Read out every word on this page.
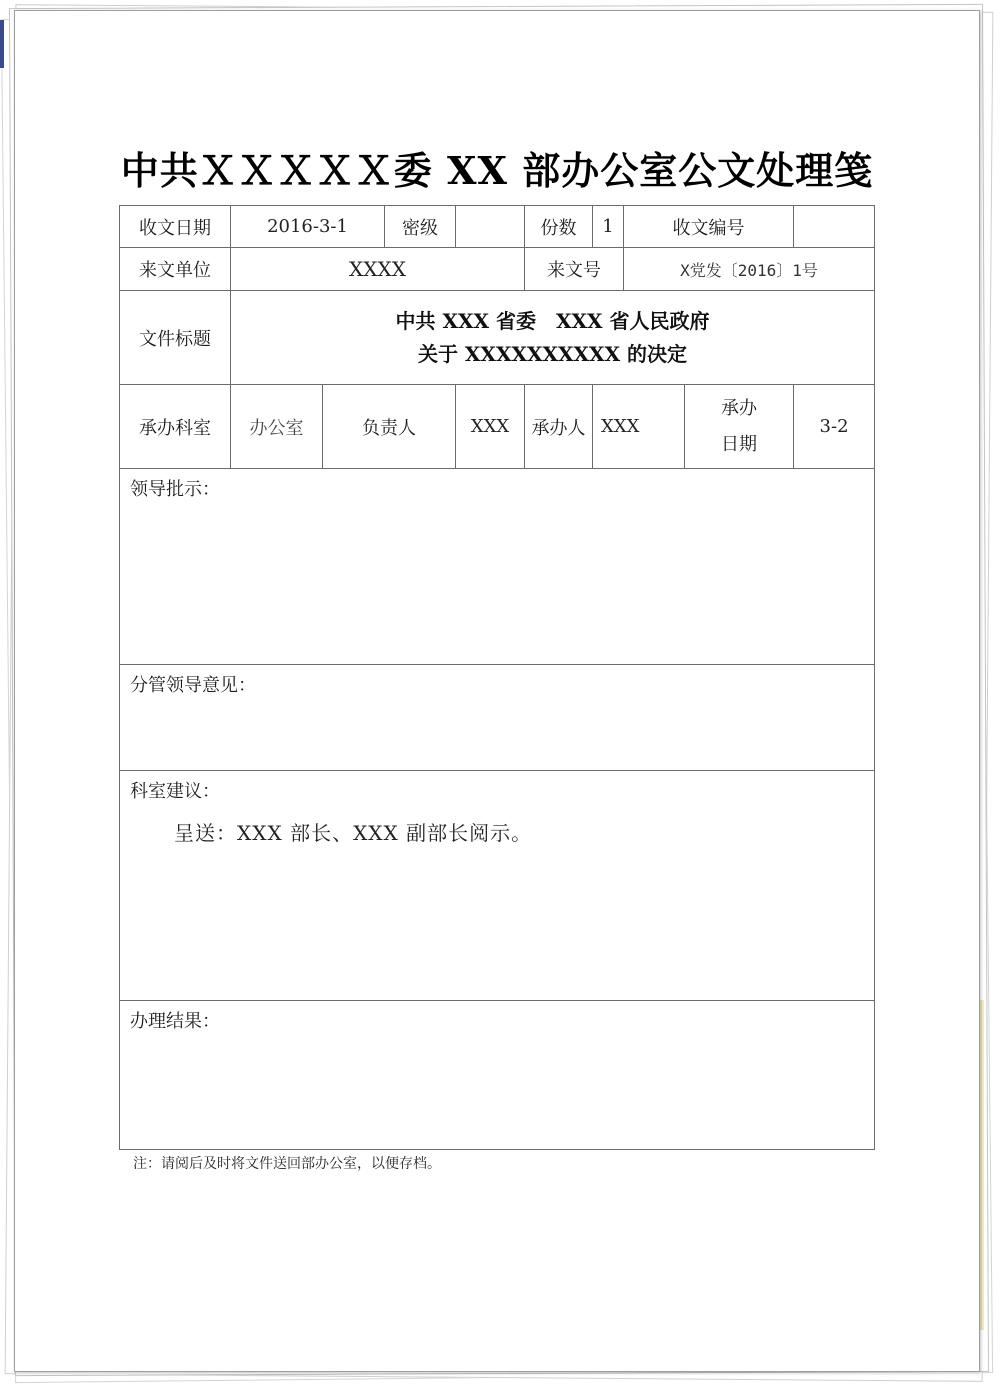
中共ＸＸＸＸＸ委 XX 部办公室公文处理笺
收文日期	2016-3-1		密级		份数	1	收文编号		
来文单位	XXXX				来文号		X党发〔2016〕1号		
文件标题	中共 XXX 省委　XXX 省人民政府
关于 XXXXXXXXXX 的决定								

承办科室	办公室	负责人		XXX	承办人	XXX		承办
日期	3-2

领导批示：									

分管领导意见：									

科室建议：
呈送：XXX 部长、XXX 副部长阅示。									

办理结果：									
注：请阅后及时将文件送回部办公室，以便存档。
